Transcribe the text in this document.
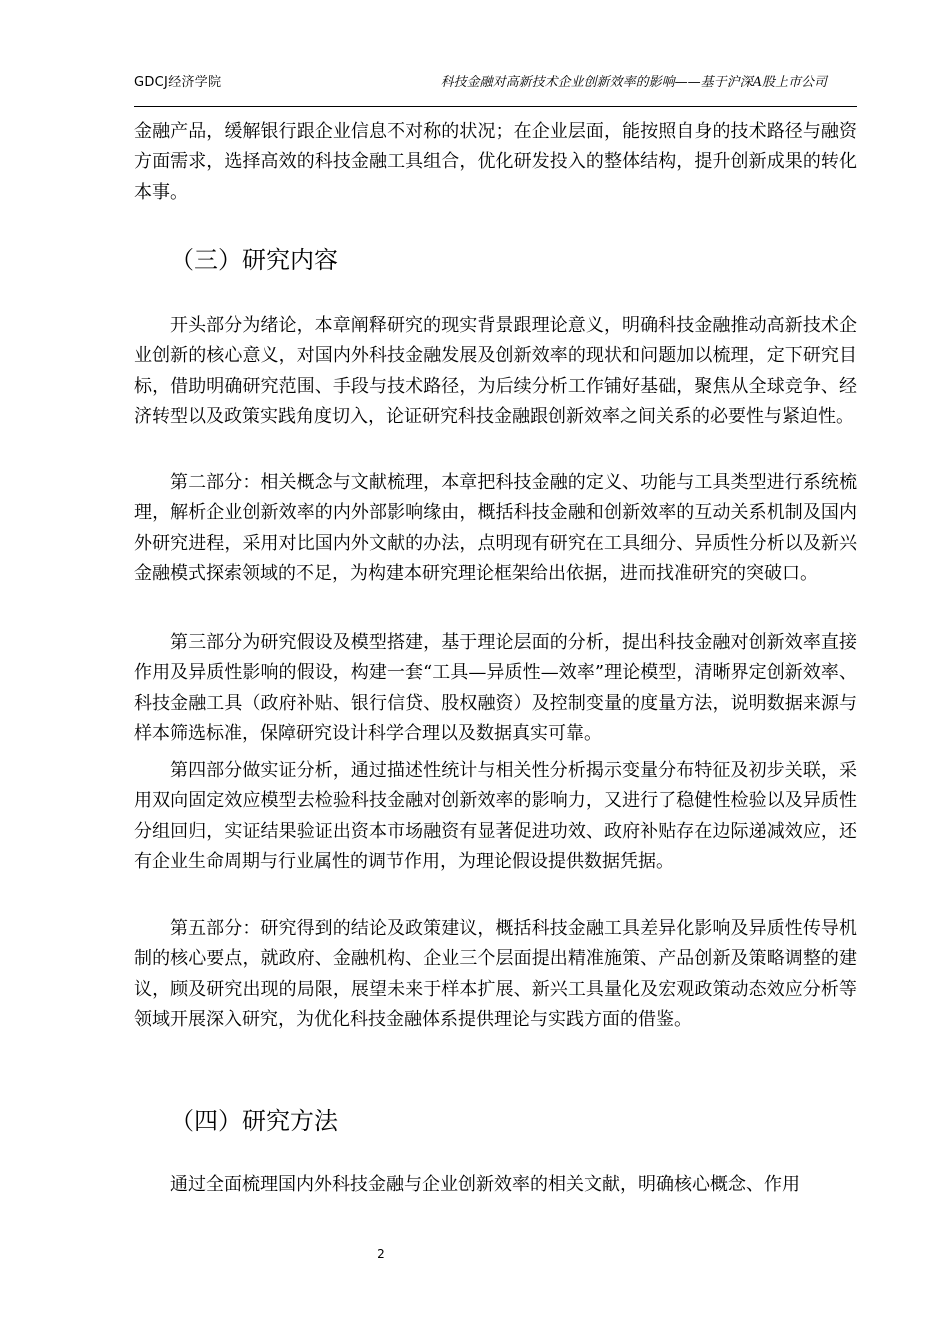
GDCJ经济学院	科技金融对高新技术企业创新效率的影响——基于沪深A股上市公司

金融产品，缓解银行跟企业信息不对称的状况；在企业层面，能按照自身的技术路径与融资方面需求，选择高效的科技金融工具组合，优化研发投入的整体结构，提升创新成果的转化本事。

（三）研究内容

开头部分为绪论，本章阐释研究的现实背景跟理论意义，明确科技金融推动高新技术企业创新的核心意义，对国内外科技金融发展及创新效率的现状和问题加以梳理，定下研究目标，借助明确研究范围、手段与技术路径，为后续分析工作铺好基础，聚焦从全球竞争、经济转型以及政策实践角度切入，论证研究科技金融跟创新效率之间关系的必要性与紧迫性。

第二部分：相关概念与文献梳理，本章把科技金融的定义、功能与工具类型进行系统梳理，解析企业创新效率的内外部影响缘由，概括科技金融和创新效率的互动关系机制及国内外研究进程，采用对比国内外文献的办法，点明现有研究在工具细分、异质性分析以及新兴金融模式探索领域的不足，为构建本研究理论框架给出依据，进而找准研究的突破口。

第三部分为研究假设及模型搭建，基于理论层面的分析，提出科技金融对创新效率直接作用及异质性影响的假设，构建一套“工具—异质性—效率”理论模型，清晰界定创新效率、科技金融工具（政府补贴、银行信贷、股权融资）及控制变量的度量方法，说明数据来源与样本筛选标准，保障研究设计科学合理以及数据真实可靠。

第四部分做实证分析，通过描述性统计与相关性分析揭示变量分布特征及初步关联，采用双向固定效应模型去检验科技金融对创新效率的影响力，又进行了稳健性检验以及异质性分组回归，实证结果验证出资本市场融资有显著促进功效、政府补贴存在边际递减效应，还有企业生命周期与行业属性的调节作用，为理论假设提供数据凭据。

第五部分：研究得到的结论及政策建议，概括科技金融工具差异化影响及异质性传导机制的核心要点，就政府、金融机构、企业三个层面提出精准施策、产品创新及策略调整的建议，顾及研究出现的局限，展望未来于样本扩展、新兴工具量化及宏观政策动态效应分析等领域开展深入研究，为优化科技金融体系提供理论与实践方面的借鉴。

（四）研究方法

通过全面梳理国内外科技金融与企业创新效率的相关文献，明确核心概念、作用

2
